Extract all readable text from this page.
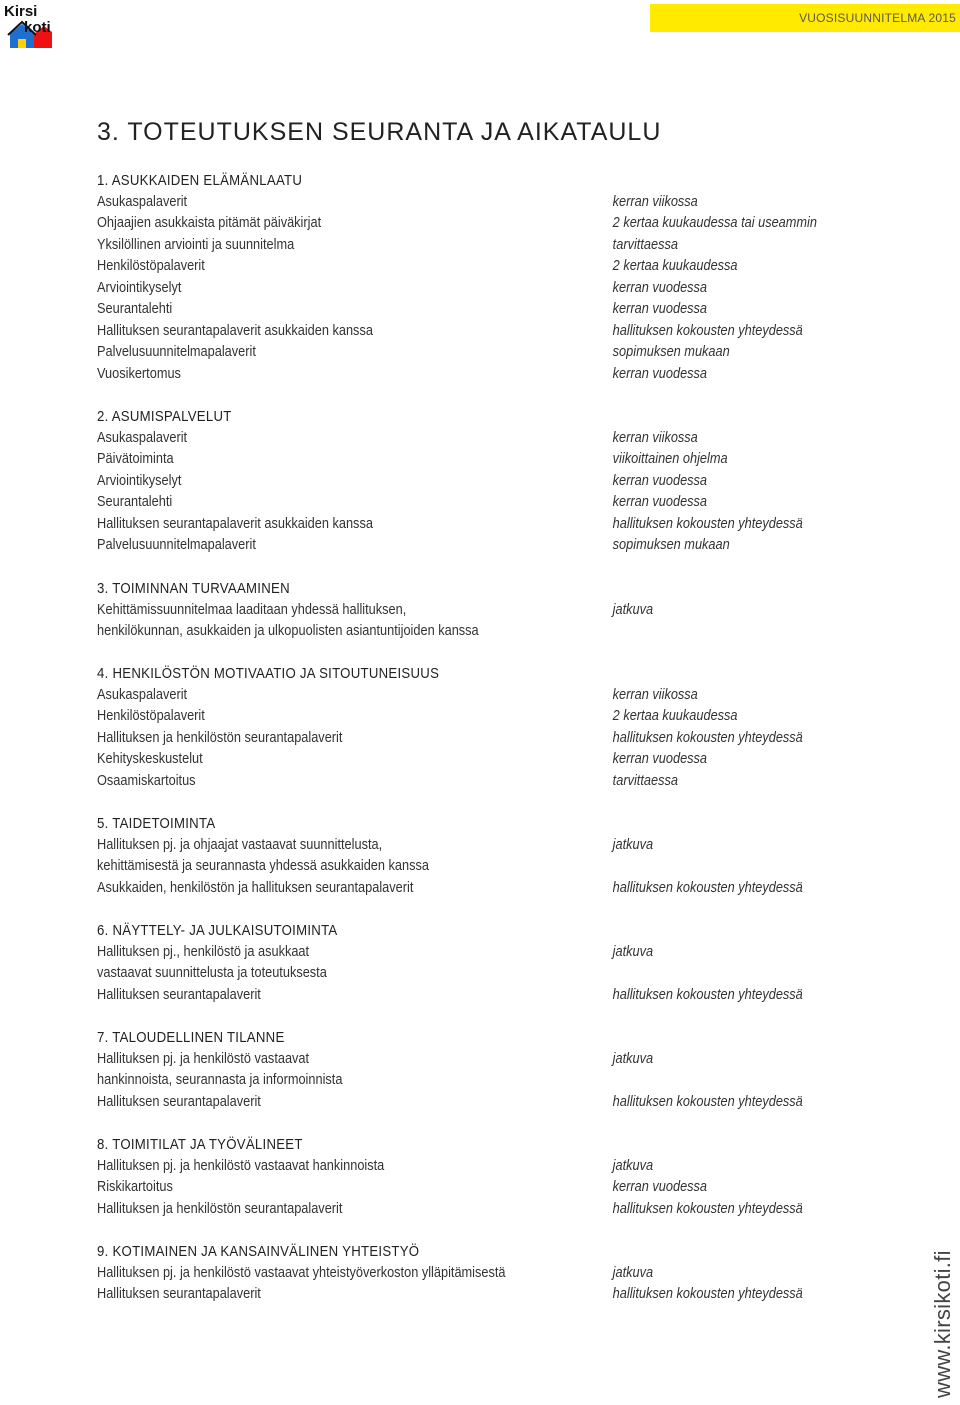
Kirsi
koti
VUOSISUUNNITELMA 2015
3. TOTEUTUKSEN SEURANTA JA AIKATAULU
1. ASUKKAIDEN ELÄMÄNLAATU
Asukaspalaverit	kerran viikossa
Ohjaajien asukkaista pitämät päiväkirjat	2 kertaa kuukaudessa tai useammin
Yksilöllinen arviointi ja suunnitelma	tarvittaessa
Henkilöstöpalaverit	2 kertaa kuukaudessa
Arviointikyselyt	kerran vuodessa
Seurantalehti	kerran vuodessa
Hallituksen seurantapalaverit asukkaiden kanssa	hallituksen kokousten yhteydessä
Palvelusuunnitelmapalaverit	sopimuksen mukaan
Vuosikertomus	kerran vuodessa
2. ASUMISPALVELUT
Asukaspalaverit	kerran viikossa
Päivätoiminta	viikoittainen ohjelma
Arviointikyselyt	kerran vuodessa
Seurantalehti	kerran vuodessa
Hallituksen seurantapalaverit asukkaiden kanssa	hallituksen kokousten yhteydessä
Palvelusuunnitelmapalaverit	sopimuksen mukaan
3. TOIMINNAN TURVAAMINEN
Kehittämissuunnitelmaa laaditaan yhdessä hallituksen,	jatkuva
henkilökunnan, asukkaiden ja ulkopuolisten asiantuntijoiden kanssa
4. HENKILÖSTÖN MOTIVAATIO JA SITOUTUNEISUUS
Asukaspalaverit	kerran viikossa
Henkilöstöpalaverit	2 kertaa kuukaudessa
Hallituksen ja henkilöstön seurantapalaverit	hallituksen kokousten yhteydessä
Kehityskeskustelut	kerran vuodessa
Osaamiskartoitus	tarvittaessa
5. TAIDETOIMINTA
Hallituksen pj. ja ohjaajat vastaavat suunnittelusta,	jatkuva
kehittämisestä ja seurannasta yhdessä asukkaiden kanssa
Asukkaiden, henkilöstön ja hallituksen seurantapalaverit	hallituksen kokousten yhteydessä
6. NÄYTTELY- JA JULKAISUTOIMINTA
Hallituksen pj., henkilöstö ja asukkaat	jatkuva
vastaavat suunnittelusta ja toteutuksesta
Hallituksen seurantapalaverit	hallituksen kokousten yhteydessä
7. TALOUDELLINEN TILANNE
Hallituksen pj. ja henkilöstö vastaavat	jatkuva
hankinnoista, seurannasta ja informoinnista
Hallituksen seurantapalaverit	hallituksen kokousten yhteydessä
8. TOIMITILAT JA TYÖVÄLINEET
Hallituksen pj. ja henkilöstö vastaavat hankinnoista	jatkuva
Riskikartoitus	kerran vuodessa
Hallituksen ja henkilöstön seurantapalaverit	hallituksen kokousten yhteydessä
9. KOTIMAINEN JA KANSAINVÄLINEN YHTEISTYÖ
Hallituksen pj. ja henkilöstö vastaavat yhteistyöverkoston ylläpitämisestä	jatkuva
Hallituksen seurantapalaverit	hallituksen kokousten yhteydessä	www.kirsikoti.fi
